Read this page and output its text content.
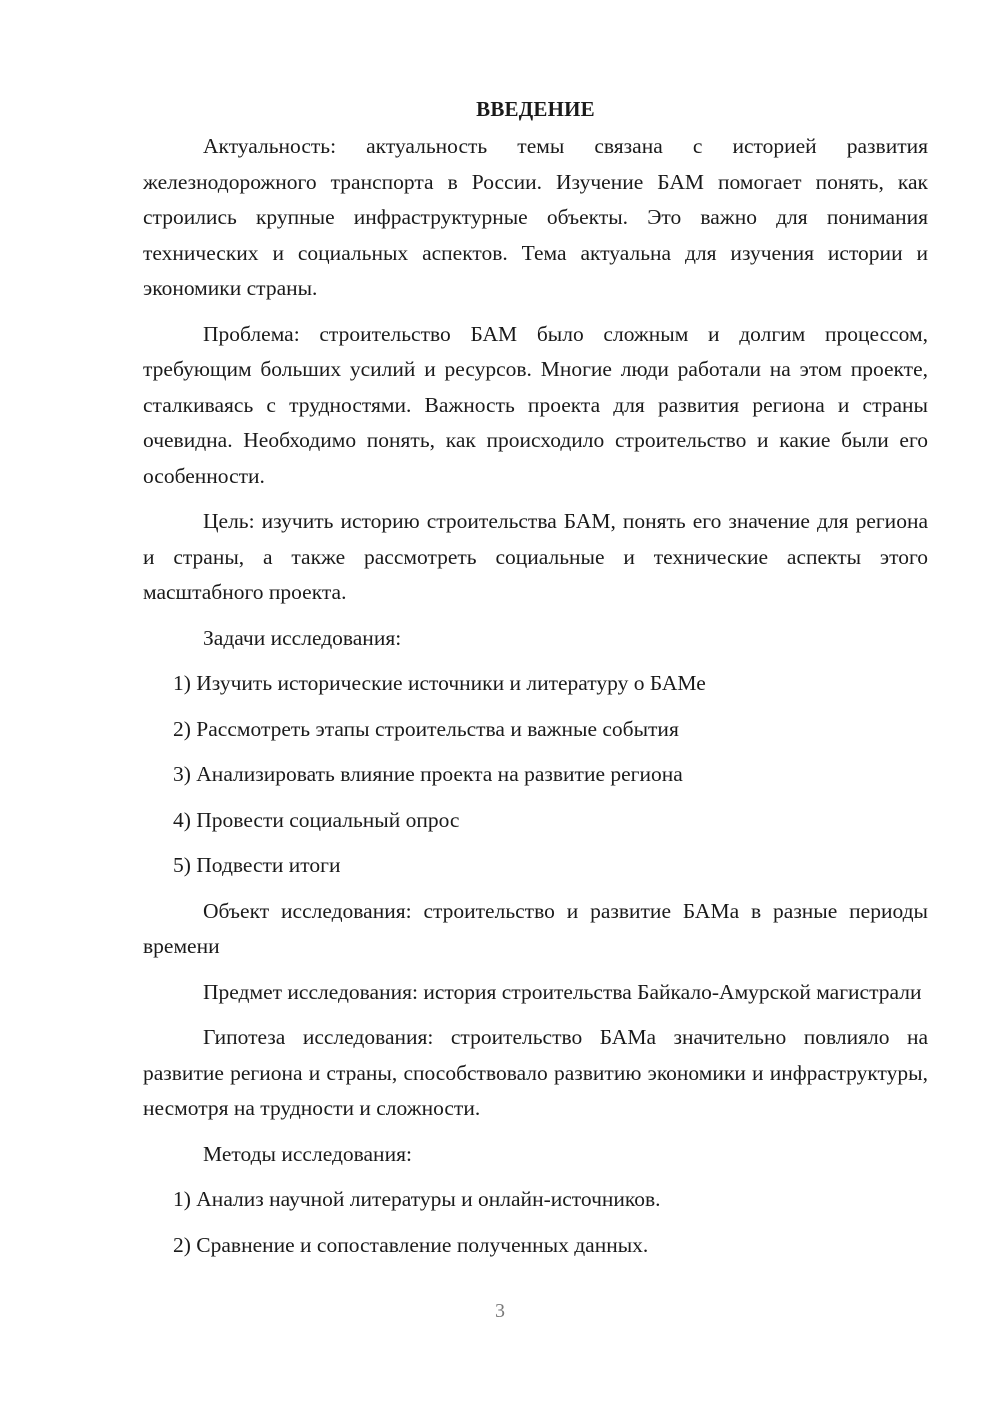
ВВЕДЕНИЕ

Актуальность: актуальность темы связана с историей развития железнодорожного транспорта в России. Изучение БАМ помогает понять, как строились крупные инфраструктурные объекты. Это важно для понимания технических и социальных аспектов. Тема актуальна для изучения истории и экономики страны.

Проблема: строительство БАМ было сложным и долгим процессом, требующим больших усилий и ресурсов. Многие люди работали на этом проекте, сталкиваясь с трудностями. Важность проекта для развития региона и страны очевидна. Необходимо понять, как происходило строительство и какие были его особенности.

Цель: изучить историю строительства БАМ, понять его значение для региона и страны, а также рассмотреть социальные и технические аспекты этого масштабного проекта.

Задачи исследования:

1) Изучить исторические источники и литературу о БАМе

2) Рассмотреть этапы строительства и важные события

3) Анализировать влияние проекта на развитие региона

4) Провести социальный опрос

5) Подвести итоги

Объект исследования: строительство и развитие БАМа в разные периоды времени

Предмет исследования: история строительства Байкало-Амурской магистрали

Гипотеза исследования: строительство БАМа значительно повлияло на развитие региона и страны, способствовало развитию экономики и инфраструктуры, несмотря на трудности и сложности.

Методы исследования:

1) Анализ научной литературы и онлайн-источников.

2) Сравнение и сопоставление полученных данных.

3
